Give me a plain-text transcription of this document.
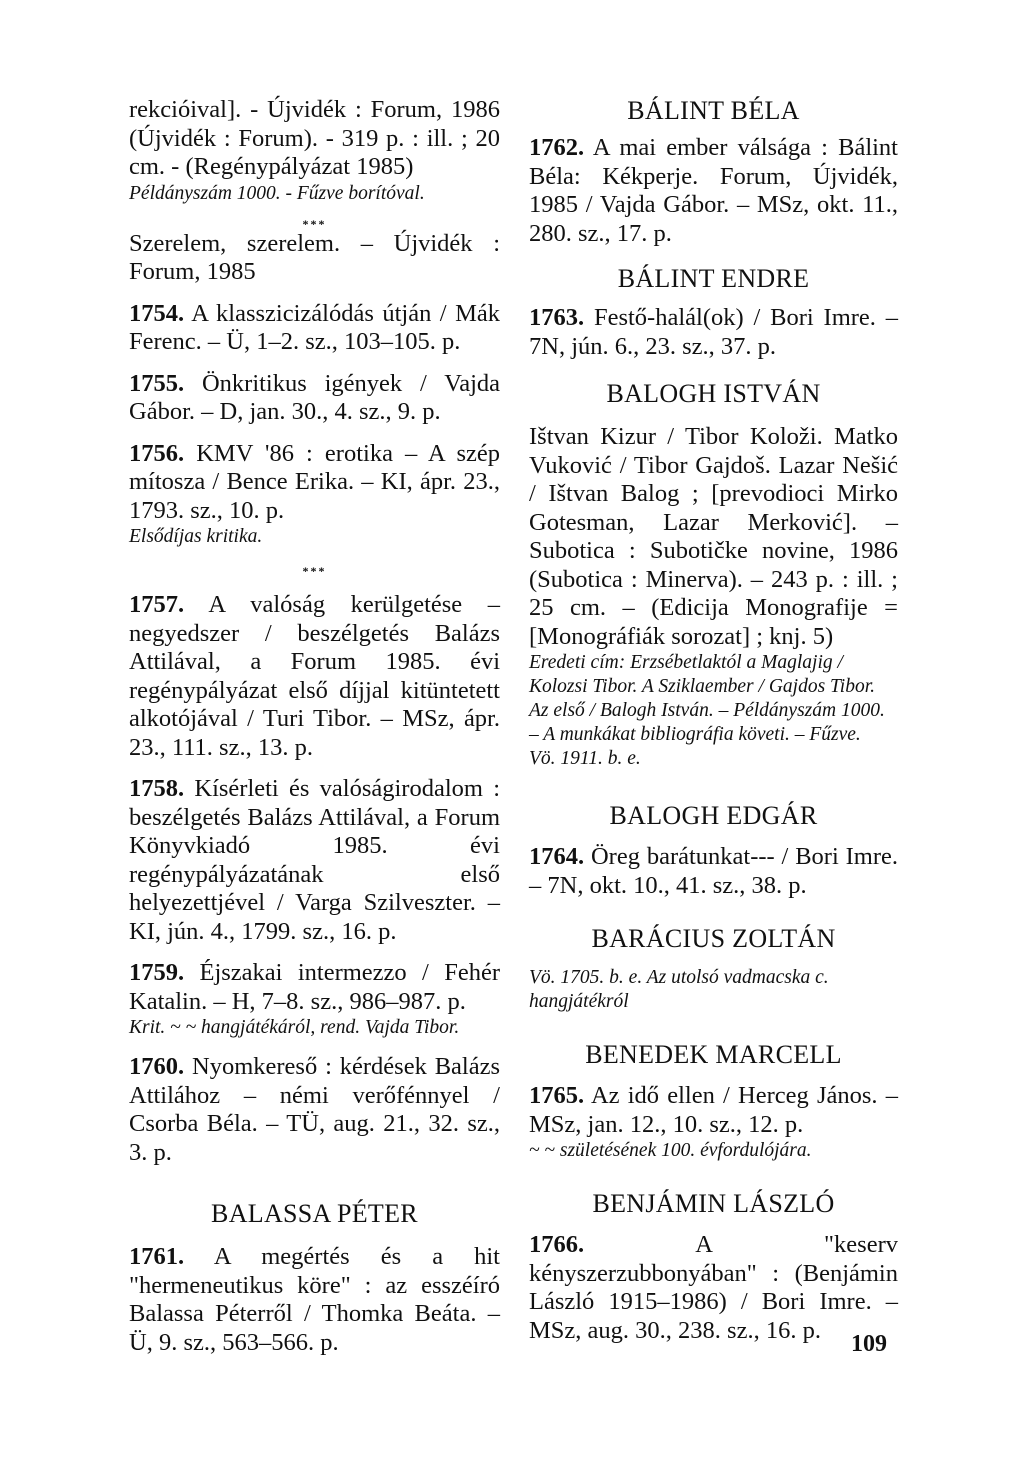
rekcióival]. - Újvidék : Forum, 1986 (Újvidék : Forum). - 319 p. : ill. ; 20 cm. - (Regénypályázat 1985)

Példányszám 1000. - Fűzve borítóval.

***

Szerelem, szerelem. – Újvidék : Forum, 1985

1754. A klasszicizálódás útján / Mák Ferenc. – Ü, 1–2. sz., 103–105. p.

1755. Önkritikus igények / Vajda Gábor. – D, jan. 30., 4. sz., 9. p.

1756. KMV '86 : erotika – A szép mítosza / Bence Erika. – KI, ápr. 23., 1793. sz., 10. p.

Elsődíjas kritika.

***

1757. A valóság kerülgetése – negyedszer / beszélgetés Balázs Attilával, a Forum 1985. évi regénypályázat első díjjal kitüntetett alkotójával / Turi Tibor. – MSz, ápr. 23., 111. sz., 13. p.

1758. Kísérleti és valóságirodalom : beszélgetés Balázs Attilával, a Forum Könyvkiadó 1985. évi regénypályázatának első helyezettjével / Varga Szilveszter. – KI, jún. 4., 1799. sz., 16. p.

1759. Éjszakai intermezzo / Fehér Katalin. – H, 7–8. sz., 986–987. p.

Krit. ~ ~ hangjátékáról, rend. Vajda Tibor.

1760. Nyomkereső : kérdések Balázs Attilához – némi verőfénnyel / Csorba Béla. – TÜ, aug. 21., 32. sz., 3. p.

BALASSA PÉTER

1761. A megértés és a hit "hermeneutikus köre" : az esszéíró Balassa Péterről / Thomka Beáta. – Ü, 9. sz., 563–566. p.

BÁLINT BÉLA

1762. A mai ember válsága : Bálint Béla: Kékperje. Forum, Újvidék, 1985 / Vajda Gábor. – MSz, okt. 11., 280. sz., 17. p.

BÁLINT ENDRE

1763. Festő-halál(ok) / Bori Imre. – 7N, jún. 6., 23. sz., 37. p.

BALOGH ISTVÁN

Ištvan Kizur / Tibor Koloži. Matko Vuković / Tibor Gajdoš. Lazar Nešić / Ištvan Balog ; [prevodioci Mirko Gotesman, Lazar Merković]. – Subotica : Subotičke novine, 1986 (Subotica : Minerva). – 243 p. : ill. ; 25 cm. – (Edicija Monografije = [Monográfiák sorozat] ; knj. 5)

Eredeti cím: Erzsébetlaktól a Maglajig / Kolozsi Tibor. A Sziklaember / Gajdos Tibor. Az első / Balogh István. – Példányszám 1000. – A munkákat bibliográfia követi. – Fűzve.

Vö. 1911. b. e.

BALOGH EDGÁR

1764. Öreg barátunkat--- / Bori Imre. – 7N, okt. 10., 41. sz., 38. p.

BARÁCIUS ZOLTÁN

Vö. 1705. b. e. Az utolsó vadmacska c. hangjátékról

BENEDEK MARCELL

1765. Az idő ellen / Herceg János. – MSz, jan. 12., 10. sz., 12. p.

~ ~ születésének 100. évfordulójára.

BENJÁMIN LÁSZLÓ

1766. A "keserv kényszerzubbonyában" : (Benjámin László 1915–1986) / Bori Imre. – MSz, aug. 30., 238. sz., 16. p.

109
